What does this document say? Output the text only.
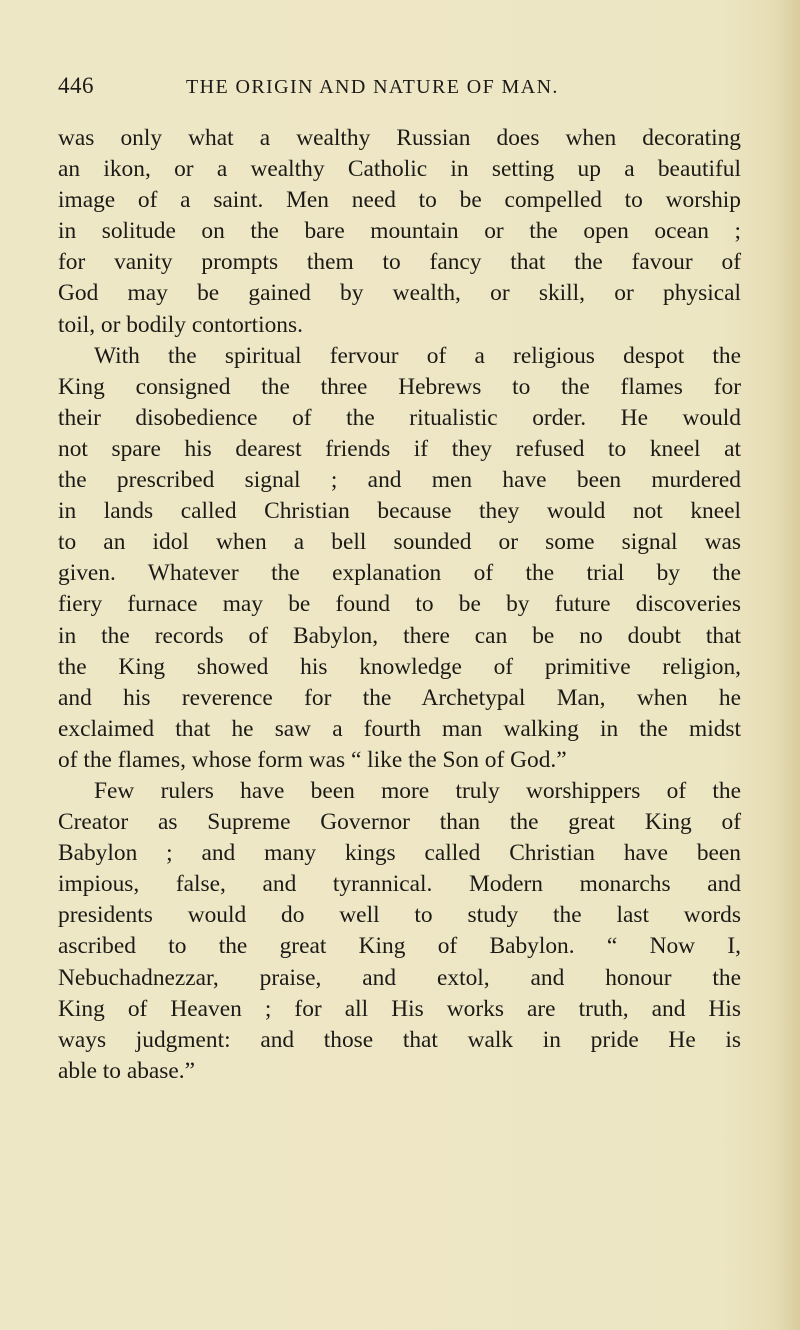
446	THE ORIGIN AND NATURE OF MAN.
was only what a wealthy Russian does when decorating
an ikon, or a wealthy Catholic in setting up a beautiful
image of a saint. Men need to be compelled to worship
in solitude on the bare mountain or the open ocean ;
for vanity prompts them to fancy that the favour of
God may be gained by wealth, or skill, or physical
toil, or bodily contortions.
With the spiritual fervour of a religious despot the
King consigned the three Hebrews to the flames for
their disobedience of the ritualistic order. He would
not spare his dearest friends if they refused to kneel at
the prescribed signal ; and men have been murdered
in lands called Christian because they would not kneel
to an idol when a bell sounded or some signal was
given. Whatever the explanation of the trial by the
fiery furnace may be found to be by future discoveries
in the records of Babylon, there can be no doubt that
the King showed his knowledge of primitive religion,
and his reverence for the Archetypal Man, when he
exclaimed that he saw a fourth man walking in the midst
of the flames, whose form was “ like the Son of God.”
Few rulers have been more truly worshippers of the
Creator as Supreme Governor than the great King of
Babylon ; and many kings called Christian have been
impious, false, and tyrannical. Modern monarchs and
presidents would do well to study the last words
ascribed to the great King of Babylon. “ Now I,
Nebuchadnezzar, praise, and extol, and honour the
King of Heaven ; for all His works are truth, and His
ways judgment: and those that walk in pride He is
able to abase.”
